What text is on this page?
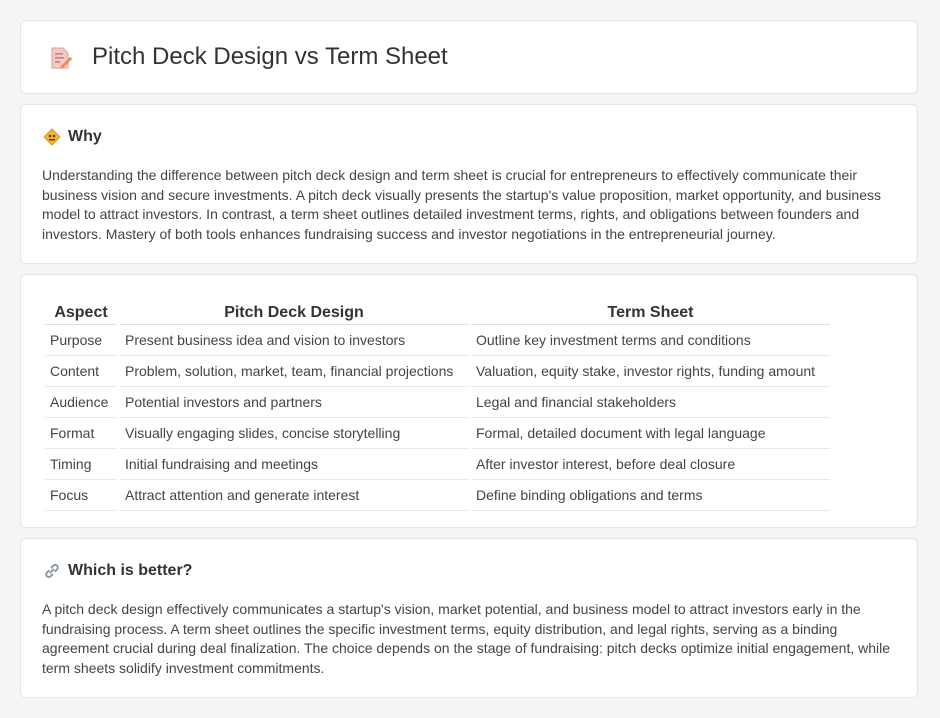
Pitch Deck Design vs Term Sheet
Why

Understanding the difference between pitch deck design and term sheet is crucial for entrepreneurs to effectively communicate their business vision and secure investments. A pitch deck visually presents the startup's value proposition, market opportunity, and business model to attract investors. In contrast, a term sheet outlines detailed investment terms, rights, and obligations between founders and investors. Mastery of both tools enhances fundraising success and investor negotiations in the entrepreneurial journey.

Aspect	Pitch Deck Design	Term Sheet
Purpose	Present business idea and vision to investors	Outline key investment terms and conditions
Content	Problem, solution, market, team, financial projections	Valuation, equity stake, investor rights, funding amount
Audience	Potential investors and partners	Legal and financial stakeholders
Format	Visually engaging slides, concise storytelling	Formal, detailed document with legal language
Timing	Initial fundraising and meetings	After investor interest, before deal closure
Focus	Attract attention and generate interest	Define binding obligations and terms
Which is better?

A pitch deck design effectively communicates a startup's vision, market potential, and business model to attract investors early in the fundraising process. A term sheet outlines the specific investment terms, equity distribution, and legal rights, serving as a binding agreement crucial during deal finalization. The choice depends on the stage of fundraising: pitch decks optimize initial engagement, while term sheets solidify investment commitments.
